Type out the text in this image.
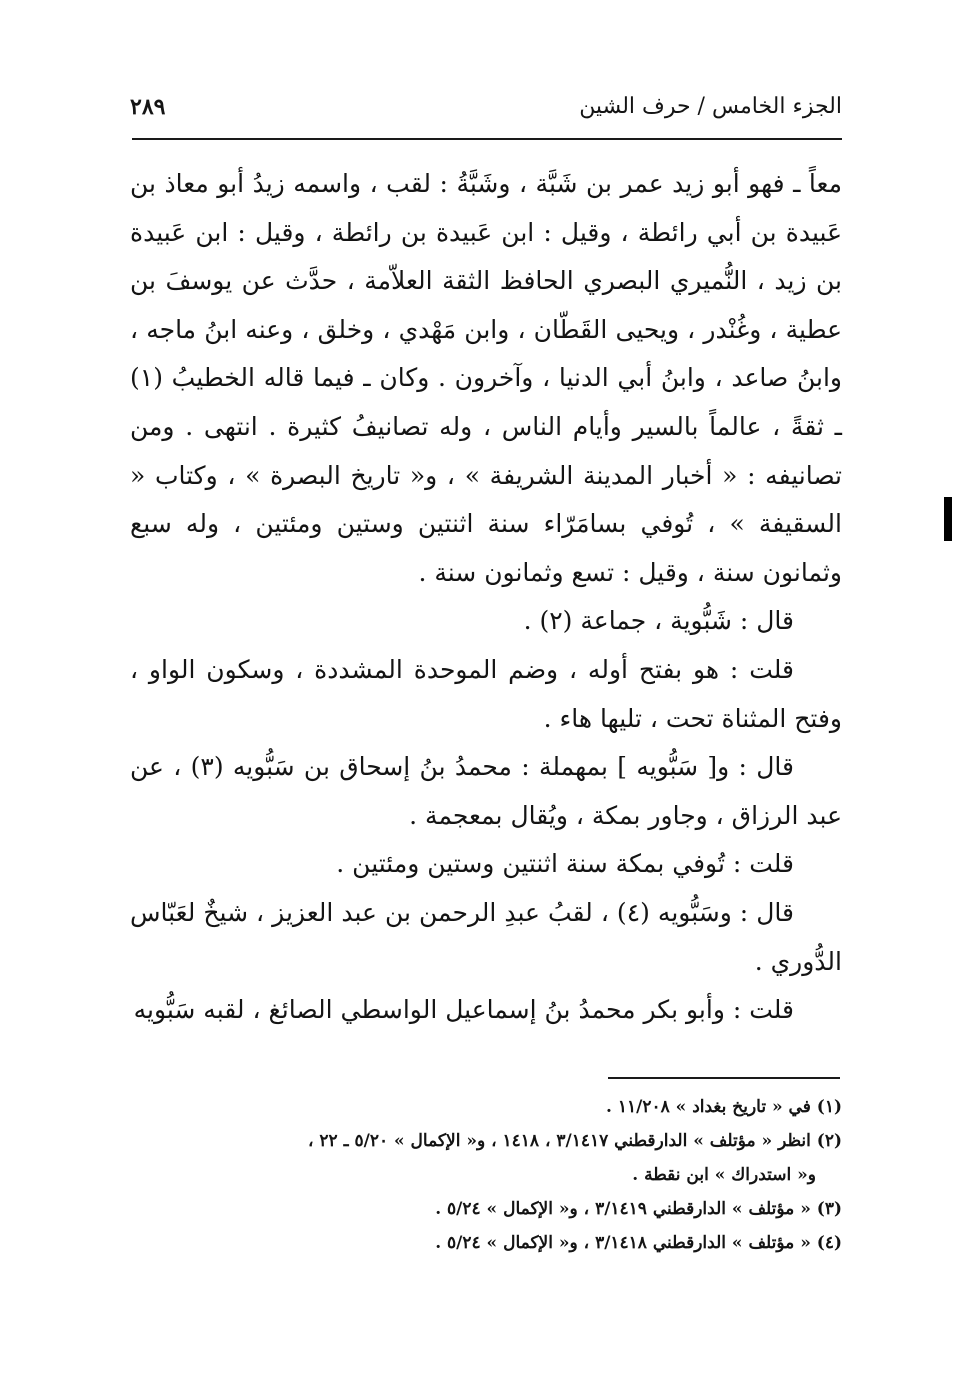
الجزء الخامس / حرف الشين
٢٨٩

معاً ـ فهو أبو زيد عمر بن شَبَّة ، وشَبَّةُ : لقب ، واسمه زيدُ أبو معاذ بن عَبيدة بن أبي رائطة ، وقيل : ابن عَبيدة بن رائطة ، وقيل : ابن عَبيدة بن زيد ، النُّميري البصري الحافظ الثقة العلاّمة ، حدَّث عن يوسفَ بن عطية ، وغُنْدر ، ويحيى القَطّان ، وابن مَهْدي ، وخلق ، وعنه ابنُ ماجه ، وابنُ صاعد ، وابنُ أبي الدنيا ، وآخرون . وكان ـ فيما قاله الخطيبُ (١) ـ ثقةً ، عالماً بالسير وأيام الناس ، وله تصانيفُ كثيرة . انتهى . ومن تصانيفه : « أخبار المدينة الشريفة » ، و« تاريخ البصرة » ، وكتاب « السقيفة » ، تُوفي بسامَرّاء سنة اثنتين وستين ومئتين ، وله سبع وثمانون سنة ، وقيل : تسع وثمانون سنة .

قال : شَبُّوية ، جماعة (٢) .

قلت : هو بفتح أوله ، وضم الموحدة المشددة ، وسكون الواو ، وفتح المثناة تحت ، تليها هاء .

قال : و[ سَبُّويه ] بمهملة : محمدُ بنُ إسحاق بن سَبُّويه (٣) ، عن عبد الرزاق ، وجاور بمكة ، ويُقال بمعجمة .

قلت : تُوفي بمكة سنة اثنتين وستين ومئتين .

قال : وسَبُّويه (٤) ، لقبُ عبدِ الرحمن بن عبد العزيز ، شيخٌ لعَبّاس الدُّوري .

قلت : وأبو بكر محمدُ بنُ إسماعيل الواسطي الصائغ ، لقبه سَبُّويه

(١) في « تاريخ بغداد » ١١/٢٠٨ .

(٢) انظر « مؤتلف » الدارقطني ٣/١٤١٧ ، ١٤١٨ ، و« الإكمال » ٥/٢٠ ـ ٢٢ ،

و« استدراك » ابن نقطة .

(٣) « مؤتلف » الدارقطني ٣/١٤١٩ ، و« الإكمال » ٥/٢٤ .

(٤) « مؤتلف » الدارقطني ٣/١٤١٨ ، و« الإكمال » ٥/٢٤ .
